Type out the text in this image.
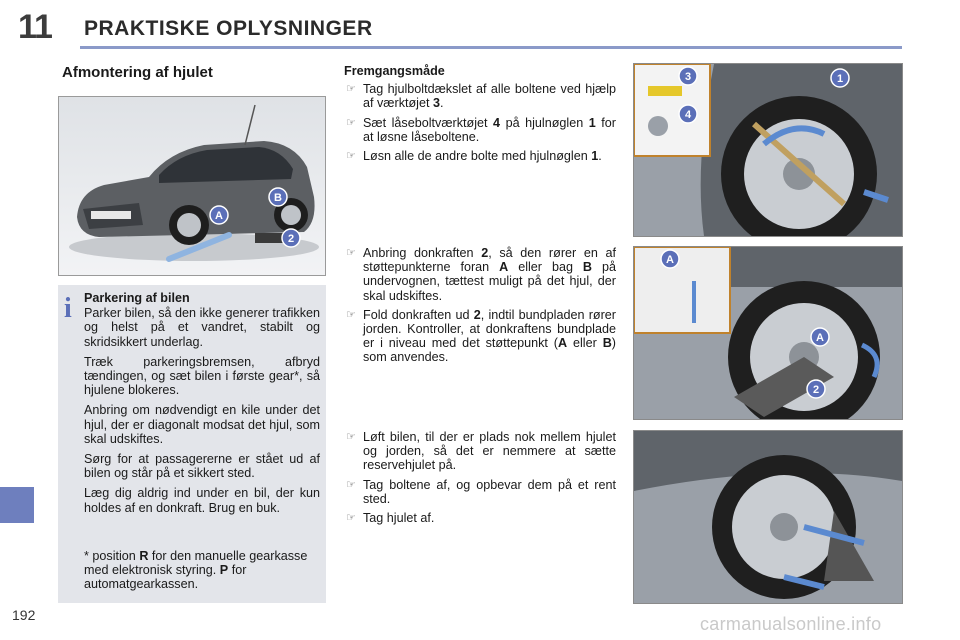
11 PRAKTISKE OPLYSNINGER
192	carmanualsonline.info
Afmontering af hjulet
A
B
2
i Parkering af bilen

Parker bilen, så den ikke generer trafikken og helst på et vandret, stabilt og skridsikkert underlag.

Træk parkeringsbremsen, afbryd tændingen, og sæt bilen i første gear*, så hjulene blokeres.

Anbring om nødvendigt en kile under det hjul, der er diagonalt modsat det hjul, som skal udskiftes.

Sørg for at passagererne er stået ud af bilen og står på et sikkert sted.

Læg dig aldrig ind under en bil, der kun holdes af en donkraft. Brug en buk.

* position R for den manuelle gearkasse med elektronisk styring. P for automatgearkassen.
Fremgangsmåde
☞ Tag hjulboltdækslet af alle boltene ved hjælp af værktøjet 3.
☞ Sæt låseboltværktøjet 4 på hjulnøglen 1 for at løsne låseboltene.
☞ Løsn alle de andre bolte med hjulnøglen 1.
☞ Anbring donkraften 2, så den rører en af støttepunkterne foran A eller bag B på undervognen, tættest muligt på det hjul, der skal udskiftes.
☞ Fold donkraften ud 2, indtil bundpladen rører jorden. Kontroller, at donkraftens bundplade er i niveau med det støttepunkt (A eller B) som anvendes.
☞ Løft bilen, til der er plads nok mellem hjulet og jorden, så det er nemmere at sætte reservehjulet på.
☞ Tag boltene af, og opbevar dem på et rent sted.
☞ Tag hjulet af.
1
3
4
A
A
2
